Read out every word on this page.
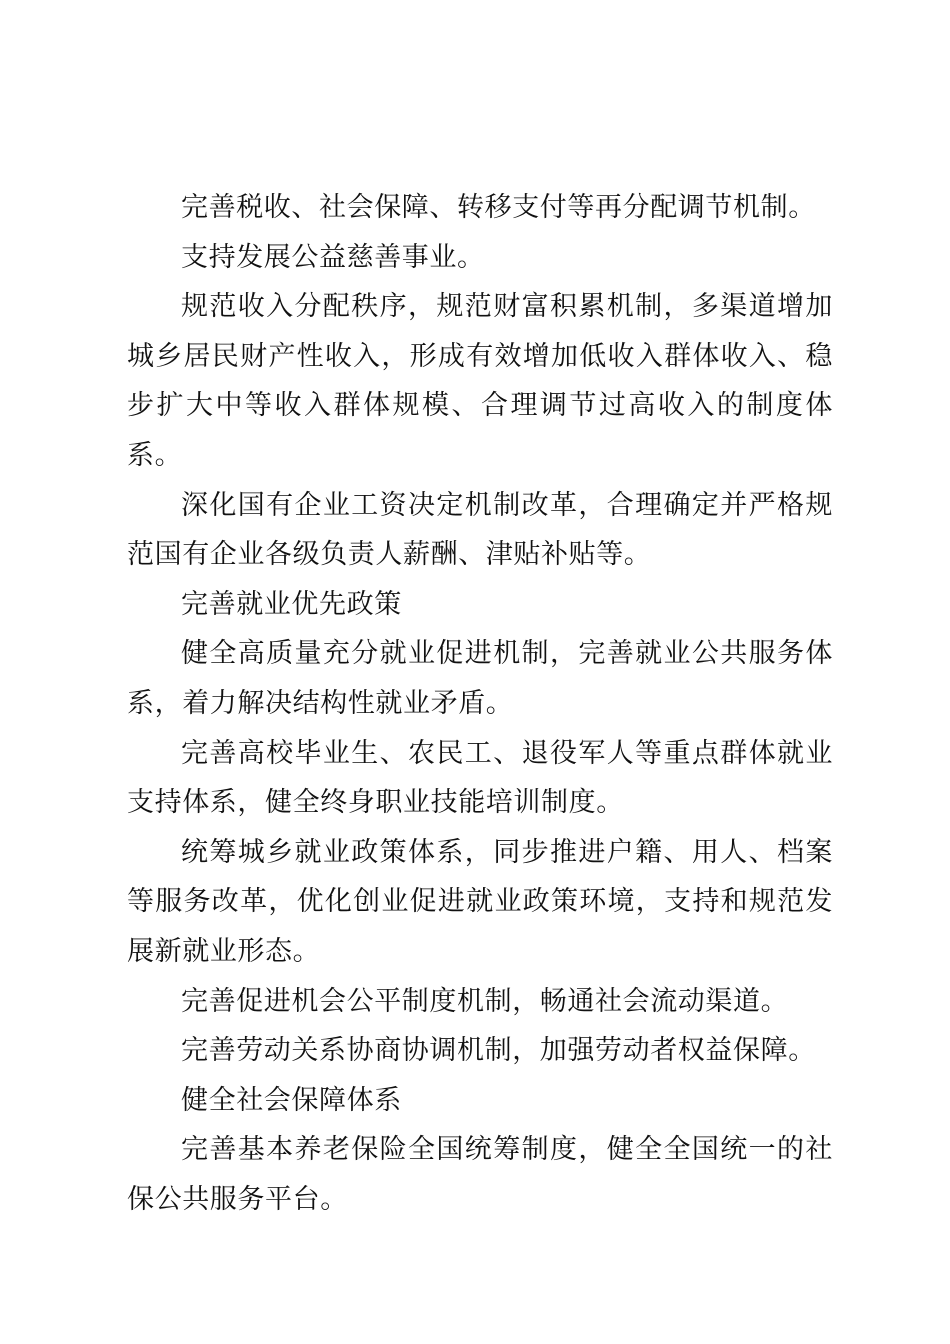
完善税收、社会保障、转移支付等再分配调节机制。

支持发展公益慈善事业。

规范收入分配秩序，规范财富积累机制，多渠道增加城乡居民财产性收入，形成有效增加低收入群体收入、稳步扩大中等收入群体规模、合理调节过高收入的制度体系。

深化国有企业工资决定机制改革，合理确定并严格规范国有企业各级负责人薪酬、津贴补贴等。

完善就业优先政策

健全高质量充分就业促进机制，完善就业公共服务体系，着力解决结构性就业矛盾。

完善高校毕业生、农民工、退役军人等重点群体就业支持体系，健全终身职业技能培训制度。

统筹城乡就业政策体系，同步推进户籍、用人、档案等服务改革，优化创业促进就业政策环境，支持和规范发展新就业形态。

完善促进机会公平制度机制，畅通社会流动渠道。

完善劳动关系协商协调机制，加强劳动者权益保障。

健全社会保障体系

完善基本养老保险全国统筹制度，健全全国统一的社保公共服务平台。
